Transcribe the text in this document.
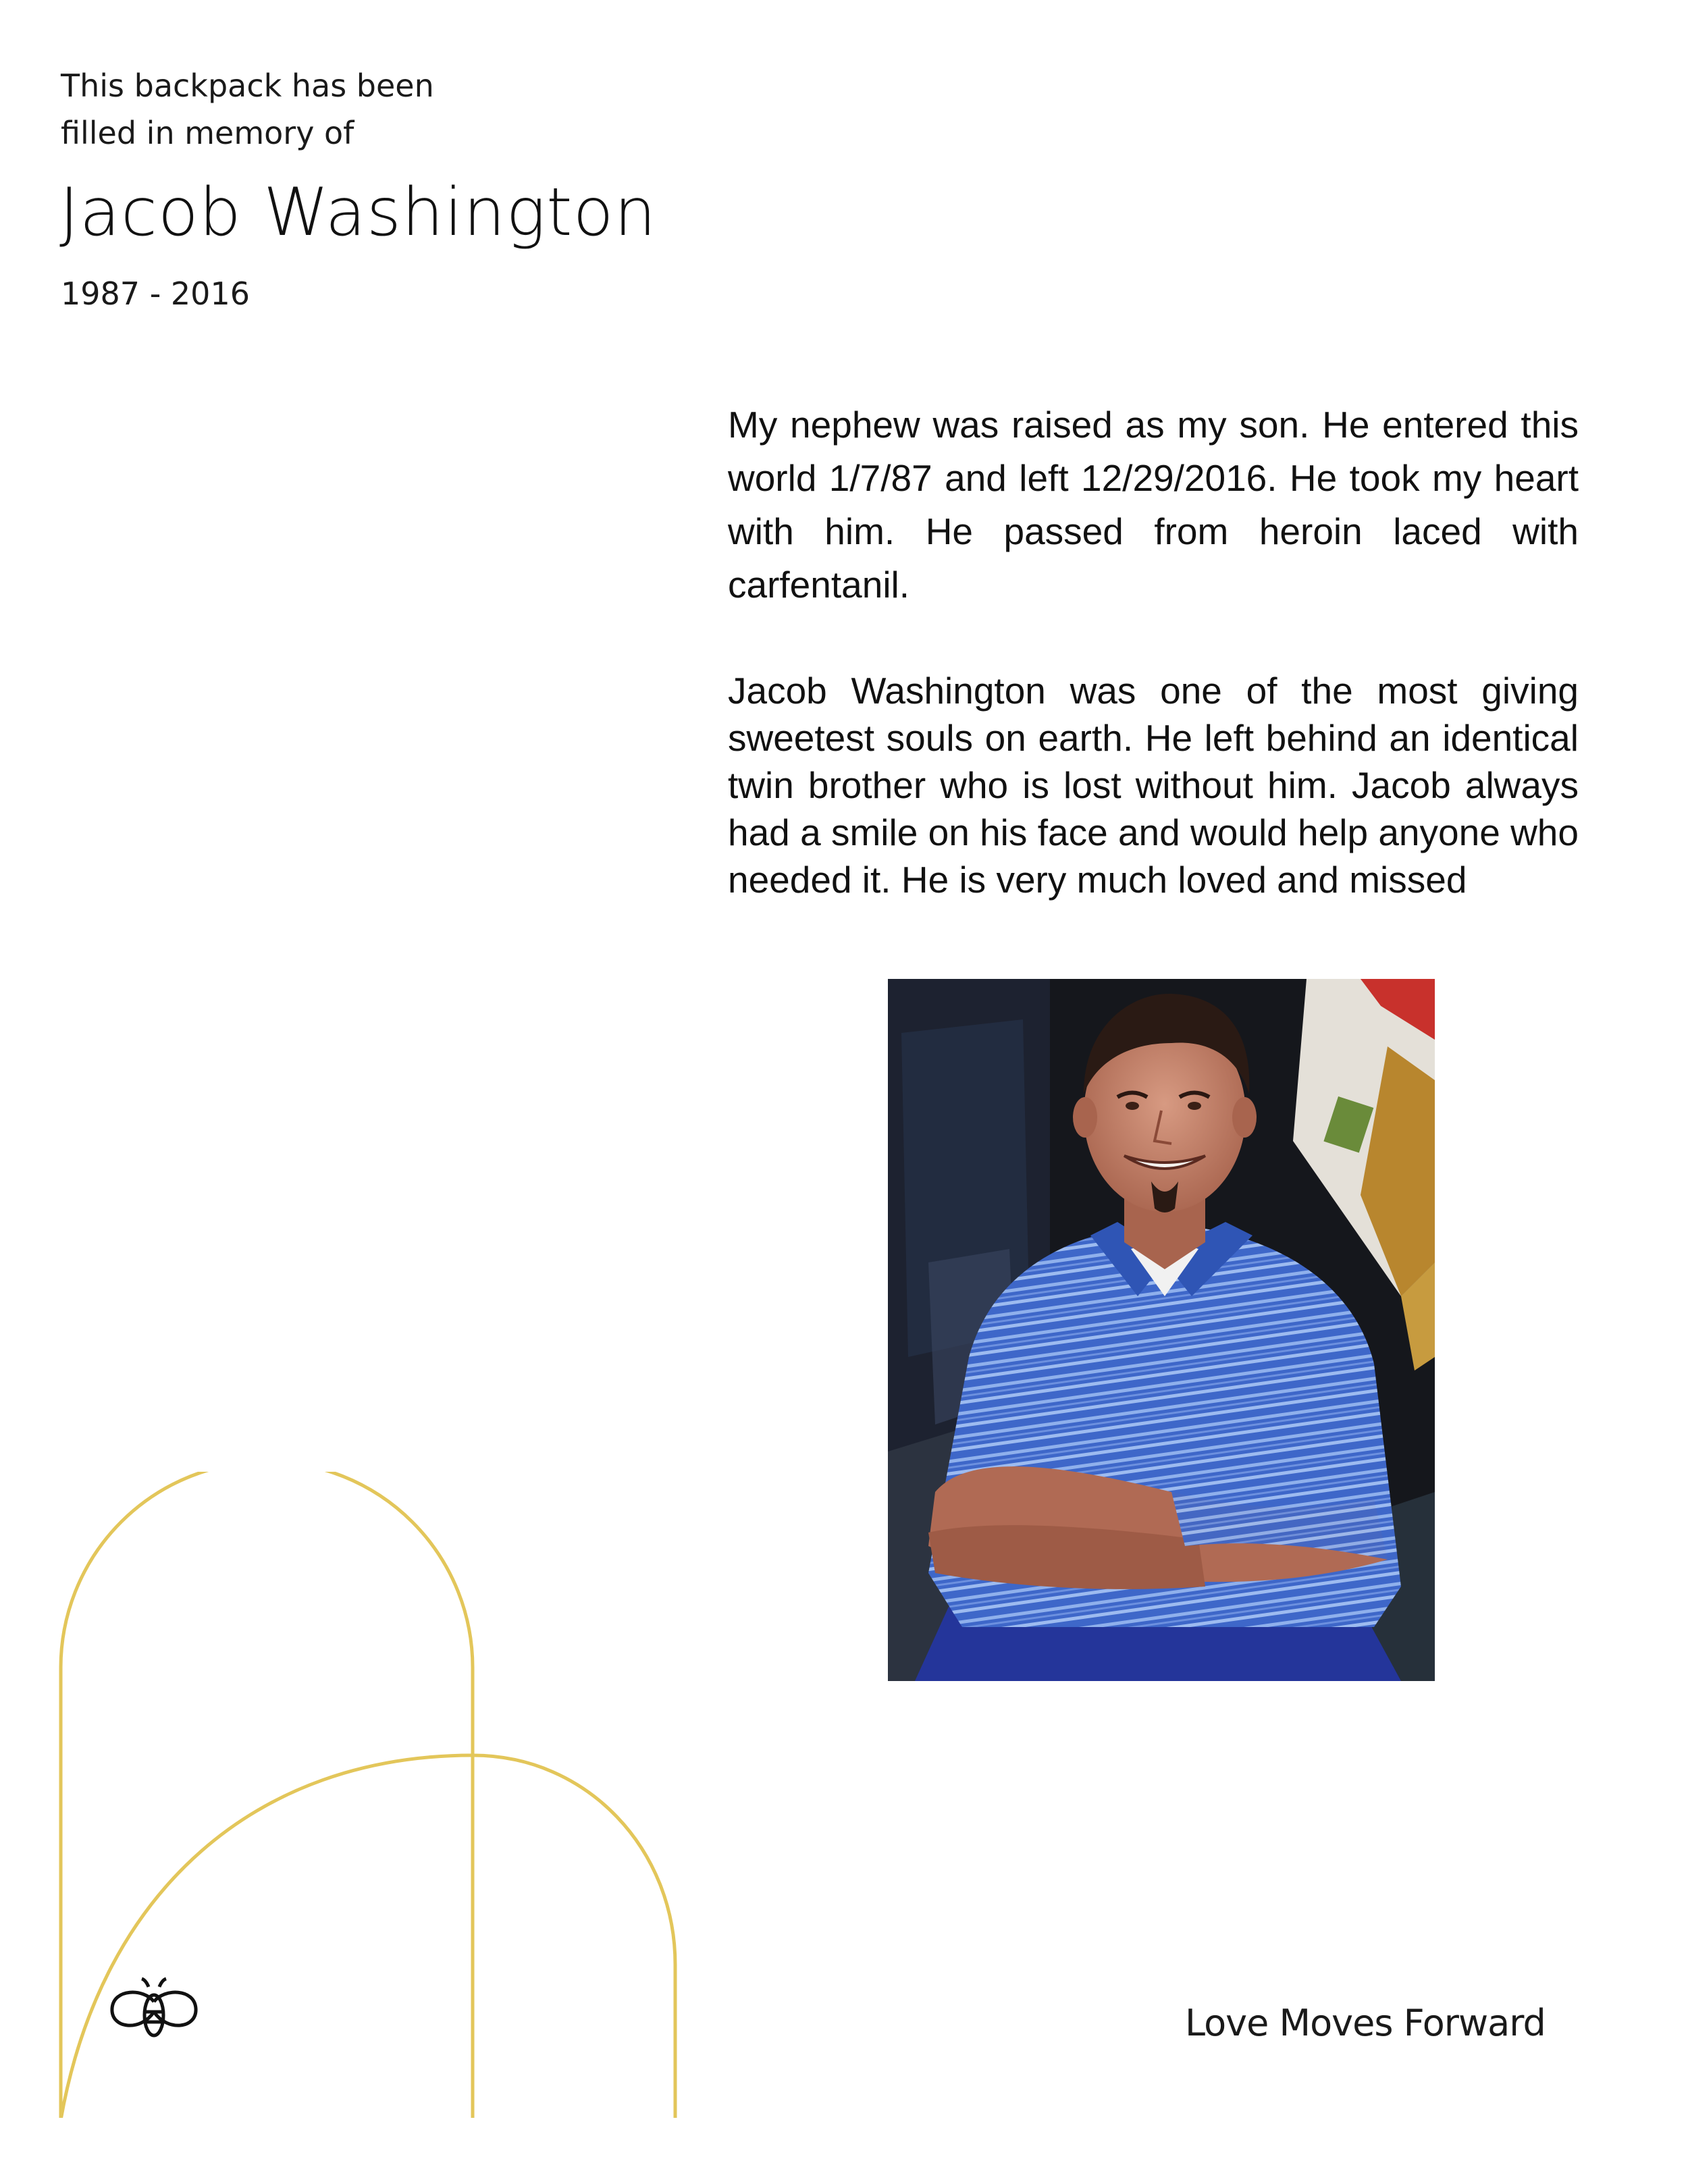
This backpack has been
filled in memory of
Jacob Washington
1987 - 2016

My nephew was raised as my son. He entered this world 1/7/87 and left 12/29/2016. He took my heart with him. He passed from heroin laced with carfentanil.

Jacob Washington was one of the most giving sweetest souls on earth. He left behind an identical twin brother who is lost without him. Jacob always had a smile on his face and would help anyone who needed it. He is very much loved and missed

Love Moves Forward
